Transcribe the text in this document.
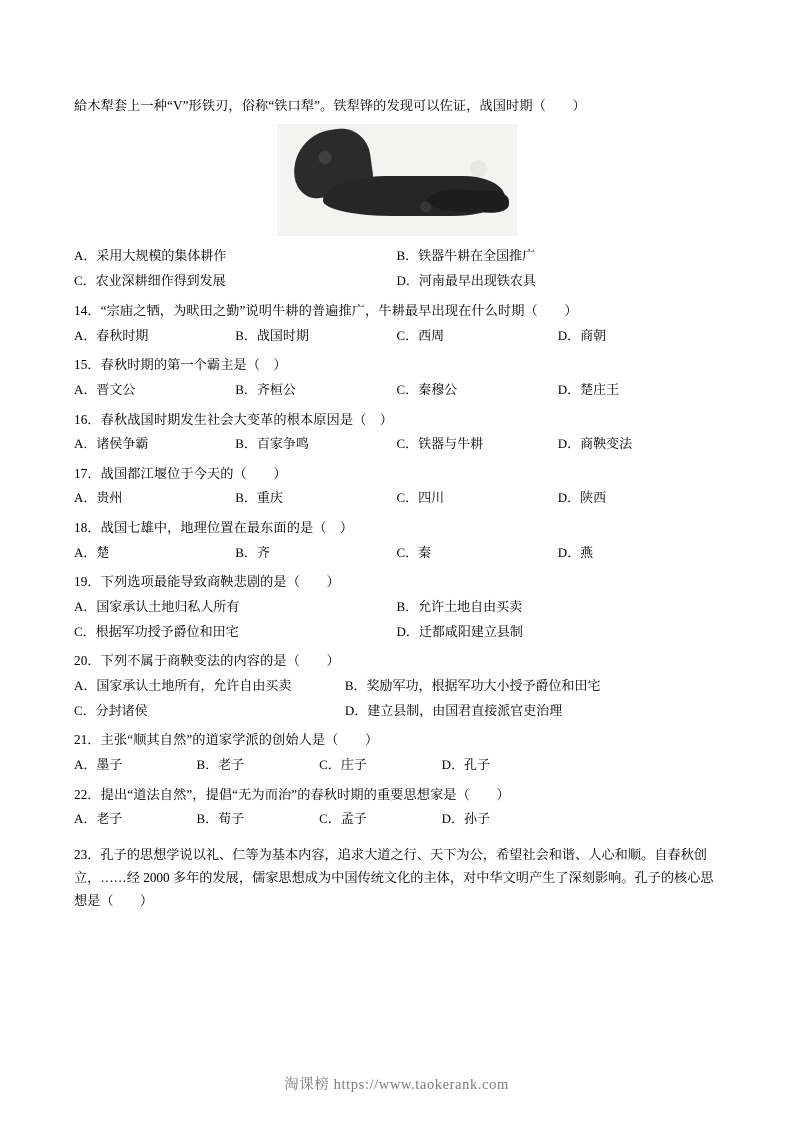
給木犁套上一种“V”形铁刃，俗称“铁口犁”。铁犁铧的发现可以佐证，战国时期（　　）

A．采用大规模的集体耕作	B．铁器牛耕在全国推广
C．农业深耕细作得到发展	D．河南最早出现铁农具

14．“宗庙之牺，为畎田之勤”说明牛耕的普遍推广，牛耕最早出现在什么时期（　　）

A．春秋时期	B．战国时期	C．西周	D．商朝

15．春秋时期的第一个霸主是（　）

A．晋文公	B．齐桓公	C．秦穆公	D．楚庄王

16．春秋战国时期发生社会大变革的根本原因是（　）

A．诸侯争霸	B．百家争鸣	C．铁器与牛耕	D．商鞅变法

17．战国都江堰位于今天的（　　）

A．贵州	B．重庆	C．四川	D．陕西

18．战国七雄中，地理位置在最东面的是（　）

A．楚	B．齐	C．秦	D．燕

19．下列选项最能导致商鞅悲剧的是（　　）

A．国家承认土地归私人所有	B．允许土地自由买卖
C．根据军功授予爵位和田宅	D．迁都咸阳建立县制

20．下列不属于商鞅变法的内容的是（　　）

A．国家承认土地所有，允许自由买卖	B．奖励军功，根据军功大小授予爵位和田宅
C．分封诸侯	D．建立县制，由国君直接派官吏治理

21．主张“顺其自然”的道家学派的创始人是（　　）

A．墨子	B．老子	C．庄子	D．孔子

22．提出“道法自然”，提倡“无为而治”的春秋时期的重要思想家是（　　）

A．老子	B．荀子	C．孟子	D．孙子

23．孔子的思想学说以礼、仁等为基本内容，追求大道之行、天下为公，希望社会和谐、人心和顺。自春秋创立，……经 2000 多年的发展，儒家思想成为中国传统文化的主体，对中华文明产生了深刻影响。孔子的核心思想是（　　）

淘课榜 https://www.taokerank.com
